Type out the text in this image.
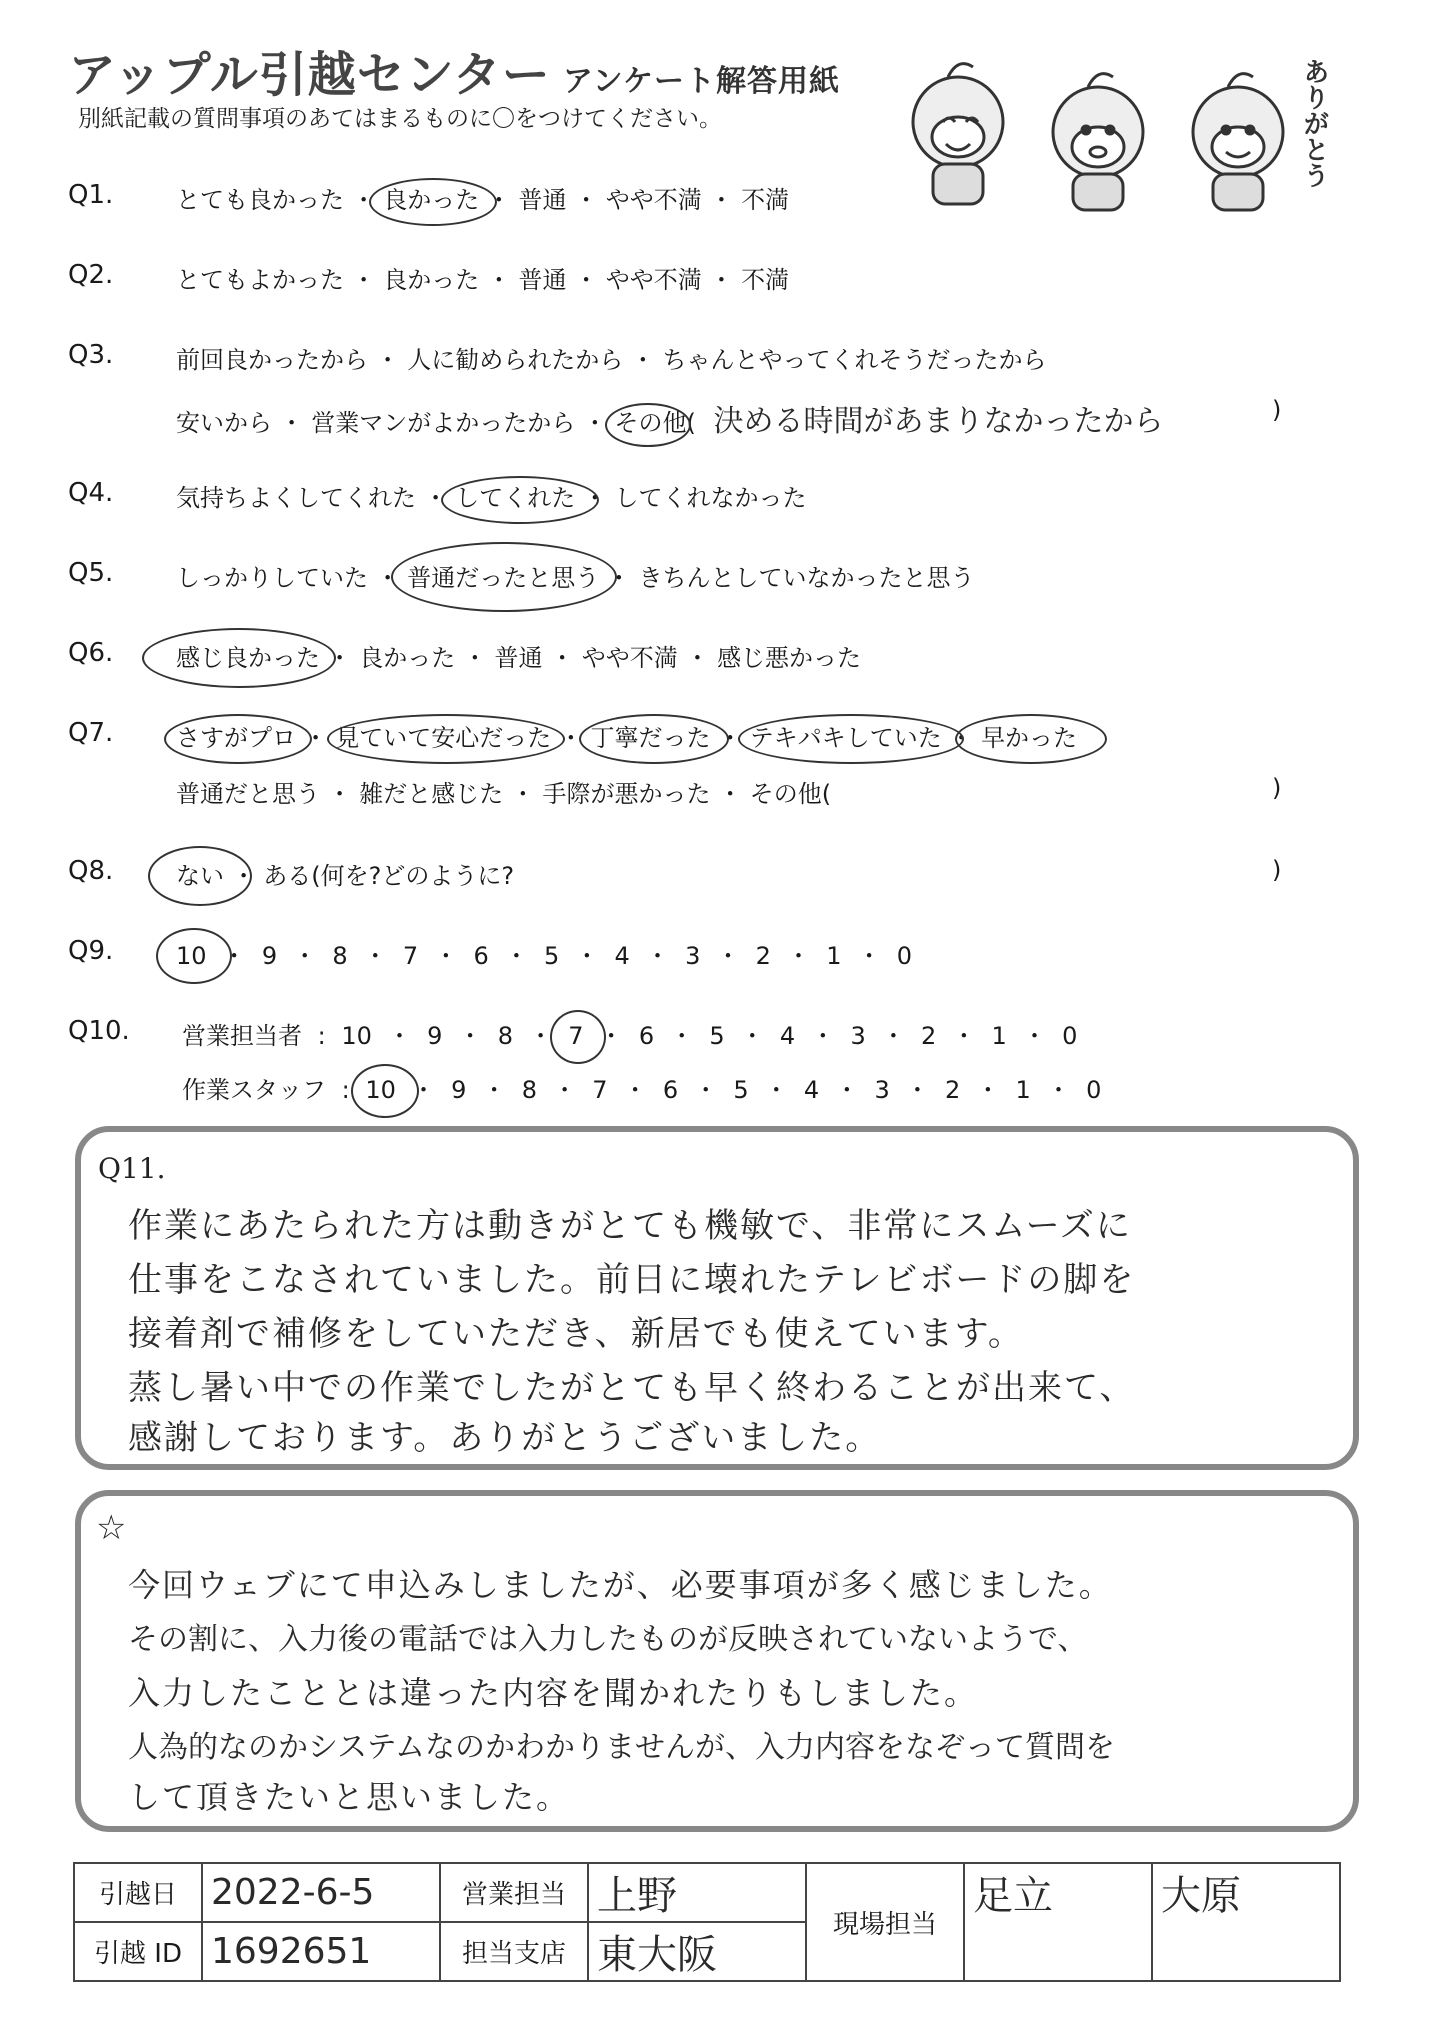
アップル引越センター アンケート解答用紙
別紙記載の質問事項のあてはまるものに〇をつけてください。	ありがとう
Q1.	とても良かった ・ 良かった
・ 普通 ・ やや不満 ・ 不満
Q2.	とてもよかった ・ 良かった ・ 普通 ・ やや不満 ・ 不満
Q3.	前回良かったから ・ 人に勧められたから ・ ちゃんとやってくれそうだったから
安いから ・ 営業マンがよかったから ・ その他( 決める時間があまりなかったから	)
Q4.	気持ちよくしてくれた ・ してくれた
・ してくれなかった
Q5.	しっかりしていた ・ 普通だったと思う
・ きちんとしていなかったと思う
Q6.	感じ良かった
・ 良かった ・ 普通 ・ やや不満 ・ 感じ悪かった
Q7.	さすがプロ
・ 見ていて安心だった
・ 丁寧だった
・ テキパキしていた
・ 早かった
普通だと思う ・ 雑だと感じた ・ 手際が悪かった ・ その他(	)
Q8.	ない
・ ある(何を?どのように?	)
Q9.	10
・ 9 ・ 8 ・ 7 ・ 6 ・ 5 ・ 4 ・ 3 ・ 2 ・ 1 ・ 0
Q10. 営業担当者 : 10 ・ 9 ・ 8 ・ 7
・ 6 ・ 5 ・ 4 ・ 3 ・ 2 ・ 1 ・ 0
作業スタッフ : 10
・ 9 ・ 8 ・ 7 ・ 6 ・ 5 ・ 4 ・ 3 ・ 2 ・ 1 ・ 0
Q11.
作業にあたられた方は動きがとても機敏で、非常にスムーズに
仕事をこなされていました。前日に壊れたテレビボードの脚を
接着剤で補修をしていただき、新居でも使えています。
蒸し暑い中での作業でしたがとても早く終わることが出来て、
感謝しております。ありがとうございました。
☆
今回ウェブにて申込みしましたが、必要事項が多く感じました。
その割に、入力後の電話では入力したものが反映されていないようで、
入力したこととは違った内容を聞かれたりもしました。
人為的なのかシステムなのかわかりませんが、入力内容をなぞって質問を
して頂きたいと思いました。
引越日	2022-6-5	営業担当	上野	現場担当	足立	大原
引越 ID	1692651	担当支店	東大阪			
